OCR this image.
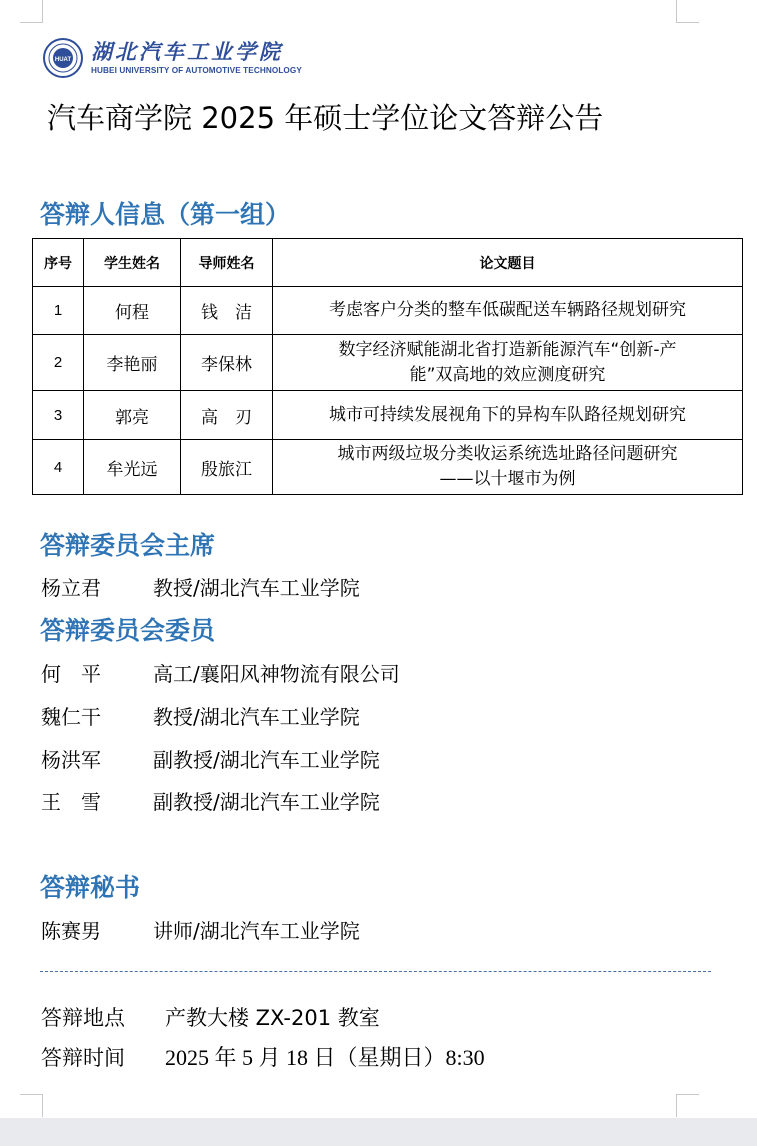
HUAT 湖北汽车工业学院
HUBEI UNIVERSITY OF AUTOMOTIVE TECHNOLOGY
汽车商学院 2025 年硕士学位论文答辩公告
答辩人信息（第一组）
序号	学生姓名	导师姓名	论文题目
1	何程	钱　洁	考虑客户分类的整车低碳配送车辆路径规划研究

2	李艳丽	李保林	数字经济赋能湖北省打造新能源汽车“创新-产
能”双高地的效应测度研究

3	郭亮	高　刃	城市可持续发展视角下的异构车队路径规划研究

4	牟光远	殷旅江	城市两级垃圾分类收运系统选址路径问题研究
——以十堰市为例
答辩委员会主席
杨立君	教授/湖北汽车工业学院
答辩委员会委员
何　平	高工/襄阳风神物流有限公司
魏仁干	教授/湖北汽车工业学院
杨洪军	副教授/湖北汽车工业学院
王　雪	副教授/湖北汽车工业学院
答辩秘书
陈赛男	讲师/湖北汽车工业学院
答辩地点 产教大楼 ZX-201 教室
答辩时间 2025 年 5 月 18 日（星期日）8:30
